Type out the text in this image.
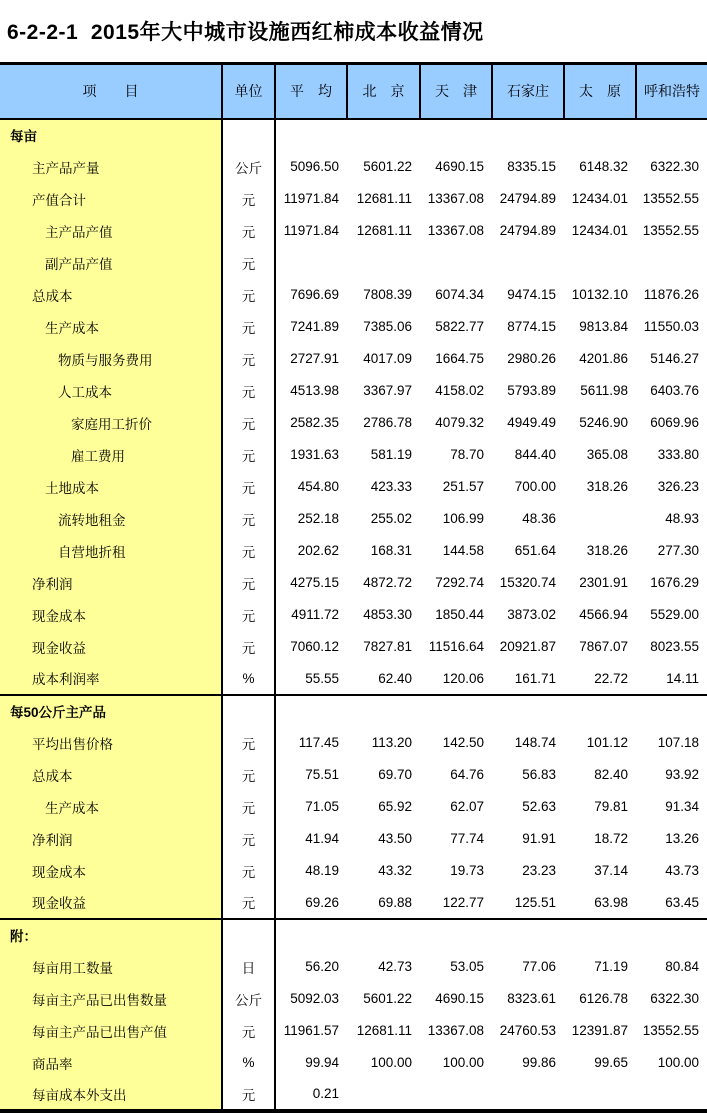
6-2-2-1  2015年大中城市设施西红柿成本收益情况
项　　目	单位	平　均	北　京	天　津	石家庄	太　原	呼和浩特
每亩							
主产品产量	公斤	5096.50	5601.22	4690.15	8335.15	6148.32	6322.30
产值合计	元	11971.84	12681.11	13367.08	24794.89	12434.01	13552.55
主产品产值	元	11971.84	12681.11	13367.08	24794.89	12434.01	13552.55
副产品产值	元						
总成本	元	7696.69	7808.39	6074.34	9474.15	10132.10	11876.26
生产成本	元	7241.89	7385.06	5822.77	8774.15	9813.84	11550.03
物质与服务费用	元	2727.91	4017.09	1664.75	2980.26	4201.86	5146.27
人工成本	元	4513.98	3367.97	4158.02	5793.89	5611.98	6403.76
家庭用工折价	元	2582.35	2786.78	4079.32	4949.49	5246.90	6069.96
雇工费用	元	1931.63	581.19	78.70	844.40	365.08	333.80
土地成本	元	454.80	423.33	251.57	700.00	318.26	326.23
流转地租金	元	252.18	255.02	106.99	48.36		48.93
自营地折租	元	202.62	168.31	144.58	651.64	318.26	277.30
净利润	元	4275.15	4872.72	7292.74	15320.74	2301.91	1676.29
现金成本	元	4911.72	4853.30	1850.44	3873.02	4566.94	5529.00
现金收益	元	7060.12	7827.81	11516.64	20921.87	7867.07	8023.55
成本利润率	%	55.55	62.40	120.06	161.71	22.72	14.11
每50公斤主产品							
平均出售价格	元	117.45	113.20	142.50	148.74	101.12	107.18
总成本	元	75.51	69.70	64.76	56.83	82.40	93.92
生产成本	元	71.05	65.92	62.07	52.63	79.81	91.34
净利润	元	41.94	43.50	77.74	91.91	18.72	13.26
现金成本	元	48.19	43.32	19.73	23.23	37.14	43.73
现金收益	元	69.26	69.88	122.77	125.51	63.98	63.45
附：							
每亩用工数量	日	56.20	42.73	53.05	77.06	71.19	80.84
每亩主产品已出售数量	公斤	5092.03	5601.22	4690.15	8323.61	6126.78	6322.30
每亩主产品已出售产值	元	11961.57	12681.11	13367.08	24760.53	12391.87	13552.55
商品率	%	99.94	100.00	100.00	99.86	99.65	100.00
每亩成本外支出	元	0.21					
